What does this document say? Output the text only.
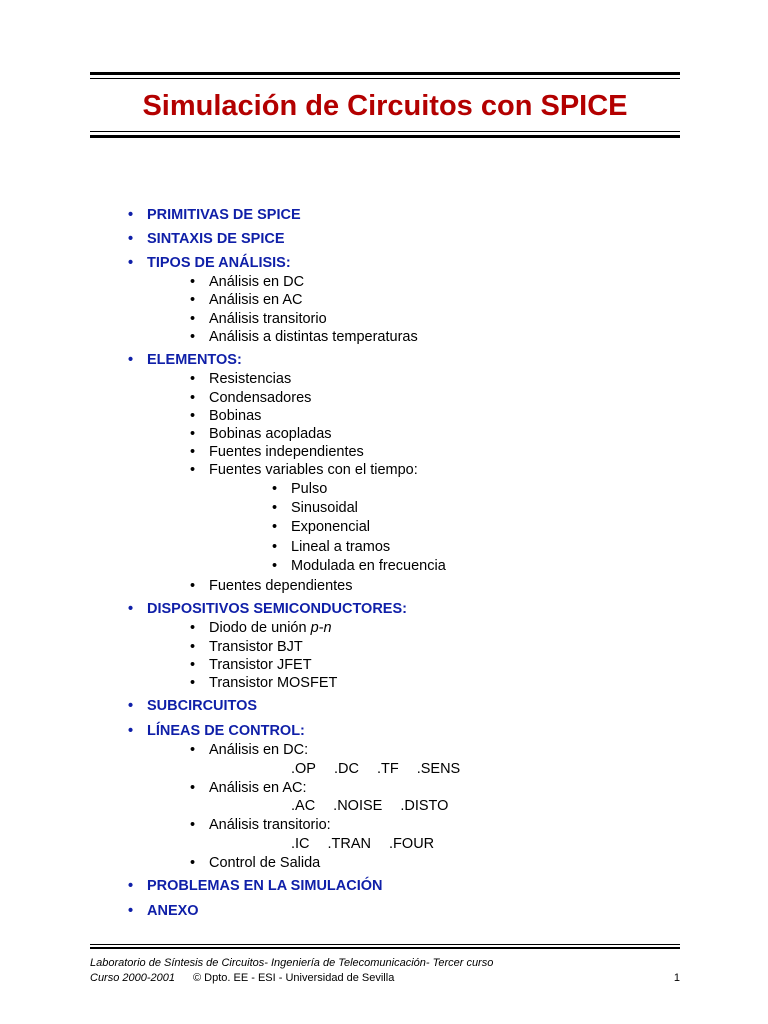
Simulación de Circuitos con SPICE
• PRIMITIVAS DE SPICE
• SINTAXIS DE SPICE
• TIPOS DE ANÁLISIS:
• Análisis en DC
• Análisis en AC
• Análisis transitorio
• Análisis a distintas temperaturas
• ELEMENTOS:
• Resistencias
• Condensadores
• Bobinas
• Bobinas acopladas
• Fuentes independientes
• Fuentes variables con el tiempo:
• Pulso
• Sinusoidal
• Exponencial
• Lineal a tramos
• Modulada en frecuencia
• Fuentes dependientes
• DISPOSITIVOS SEMICONDUCTORES:
• Diodo de unión p-n
• Transistor BJT
• Transistor JFET
• Transistor MOSFET
• SUBCIRCUITOS
• LÍNEAS DE CONTROL:
• Análisis en DC:
.OP .DC .TF .SENS
• Análisis en AC:
.AC .NOISE .DISTO
• Análisis transitorio:
.IC .TRAN .FOUR
• Control de Salida
• PROBLEMAS EN LA SIMULACIÓN
• ANEXO
Laboratorio de Síntesis de Circuitos- Ingeniería de Telecomunicación- Tercer curso
Curso 2000-2001 © Dpto. EE - ESI - Universidad de Sevilla	1
